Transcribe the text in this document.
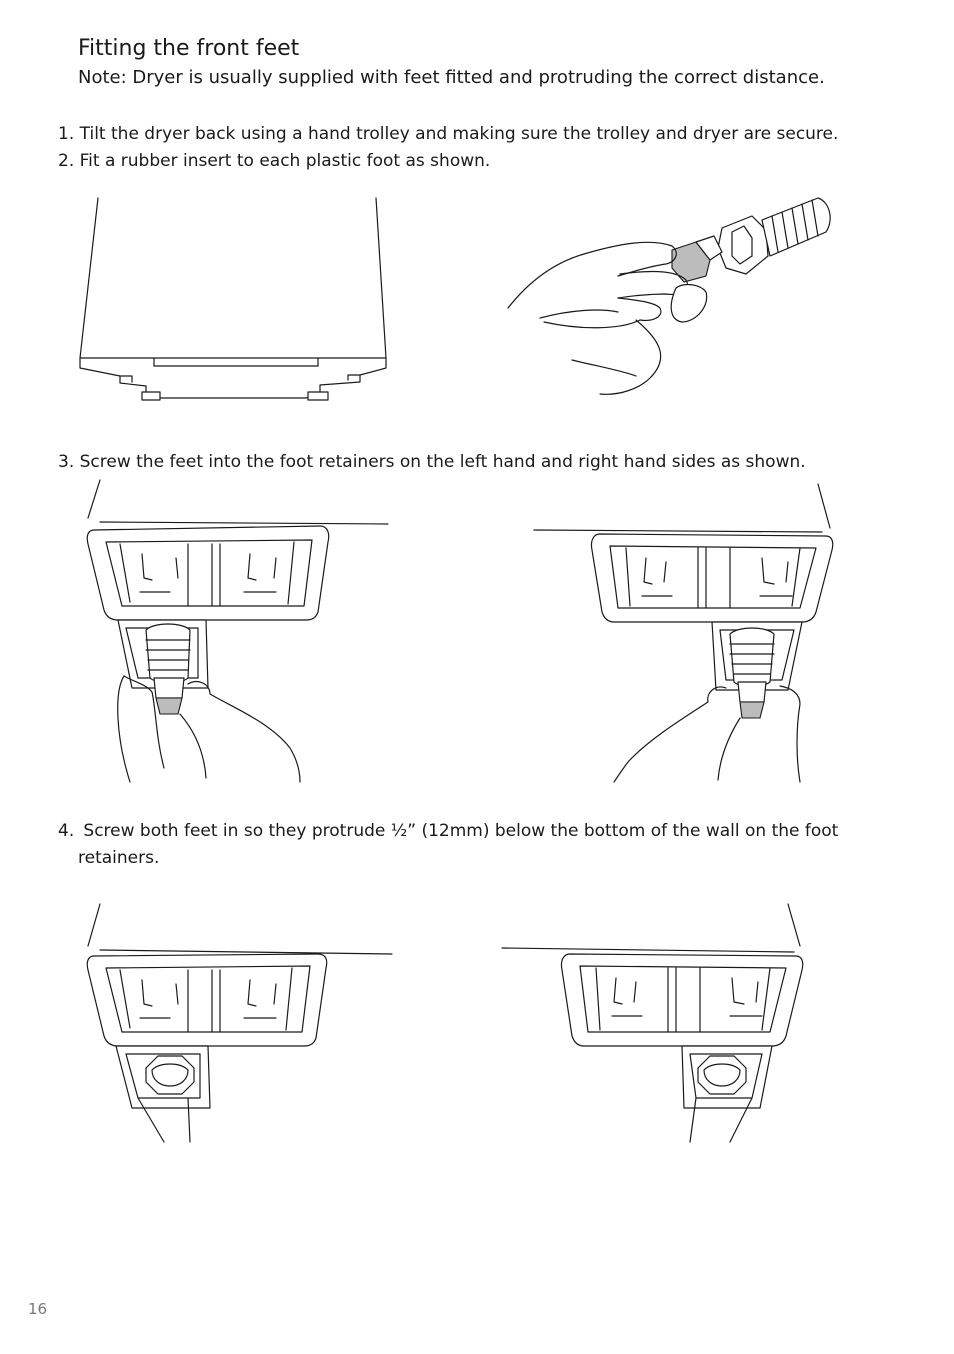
Fitting the front feet
Note: Dryer is usually supplied with feet fitted and protruding the correct distance.
1. Tilt the dryer back using a hand trolley and making sure the trolley and dryer are secure.
2. Fit a rubber insert to each plastic foot as shown.
3. Screw the feet into the foot retainers on the left hand and right hand sides as shown.
4. Screw both feet in so they protrude ½” (12mm) below the bottom of the wall on the foot
retainers.
16
